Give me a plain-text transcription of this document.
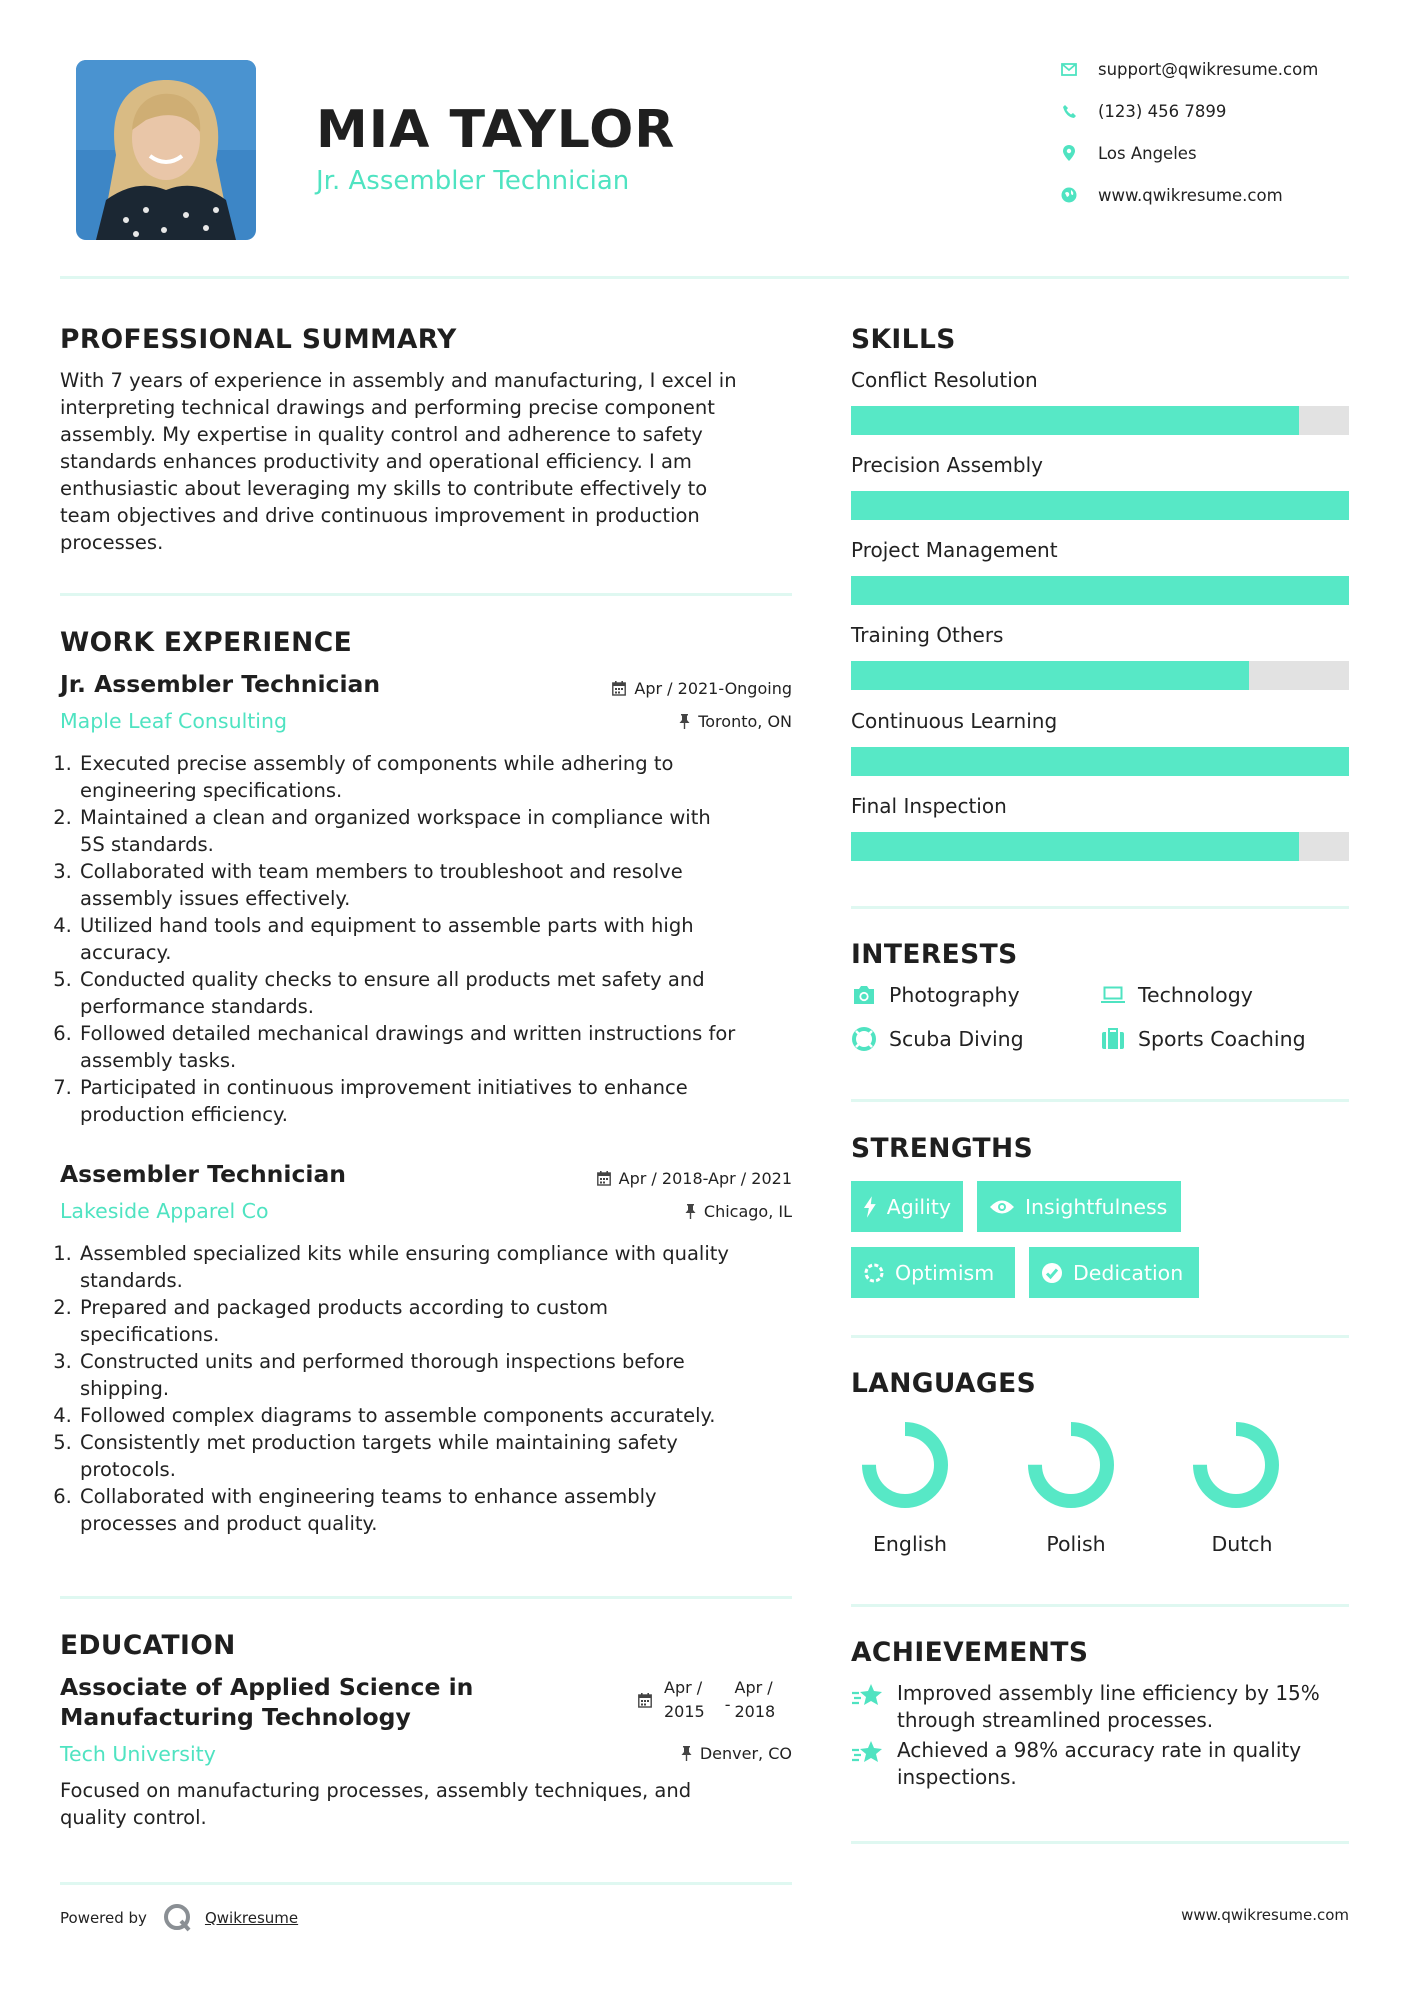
MIA TAYLOR
Jr. Assembler Technician
support@qwikresume.com
(123) 456 7899
Los Angeles
www.qwikresume.com
PROFESSIONAL SUMMARY
With 7 years of experience in assembly and manufacturing, I excel in
interpreting technical drawings and performing precise component
assembly. My expertise in quality control and adherence to safety
standards enhances productivity and operational efficiency. I am
enthusiastic about leveraging my skills to contribute effectively to
team objectives and drive continuous improvement in production
processes.
WORK EXPERIENCE
Jr. Assembler Technician
Maple Leaf Consulting
Apr / 2021-Ongoing
Toronto, ON
1. Executed precise assembly of components while adhering to
engineering specifications.
2. Maintained a clean and organized workspace in compliance with
5S standards.
3. Collaborated with team members to troubleshoot and resolve
assembly issues effectively.
4. Utilized hand tools and equipment to assemble parts with high
accuracy.
5. Conducted quality checks to ensure all products met safety and
performance standards.
6. Followed detailed mechanical drawings and written instructions for
assembly tasks.
7. Participated in continuous improvement initiatives to enhance
production efficiency.
Assembler Technician
Lakeside Apparel Co
Apr / 2018-Apr / 2021
Chicago, IL
1. Assembled specialized kits while ensuring compliance with quality
standards.
2. Prepared and packaged products according to custom
specifications.
3. Constructed units and performed thorough inspections before
shipping.
4. Followed complex diagrams to assemble components accurately.
5. Consistently met production targets while maintaining safety
protocols.
6. Collaborated with engineering teams to enhance assembly
processes and product quality.
EDUCATION
Associate of Applied Science in
Manufacturing Technology
Tech University
Apr /
2015 -
Apr /
2018
Denver, CO
Focused on manufacturing processes, assembly techniques, and
quality control.
Powered by	Qwikresume	www.qwikresume.com
SKILLS
Conflict Resolution
Precision Assembly
Project Management
Training Others
Continuous Learning
Final Inspection
INTERESTS
Photography	Technology
Scuba Diving	Sports Coaching
STRENGTHS
Agility	Insightfulness
Optimism	Dedication
LANGUAGES
English	Polish	Dutch
ACHIEVEMENTS
Improved assembly line efficiency by 15%
through streamlined processes.
Achieved a 98% accuracy rate in quality
inspections.
